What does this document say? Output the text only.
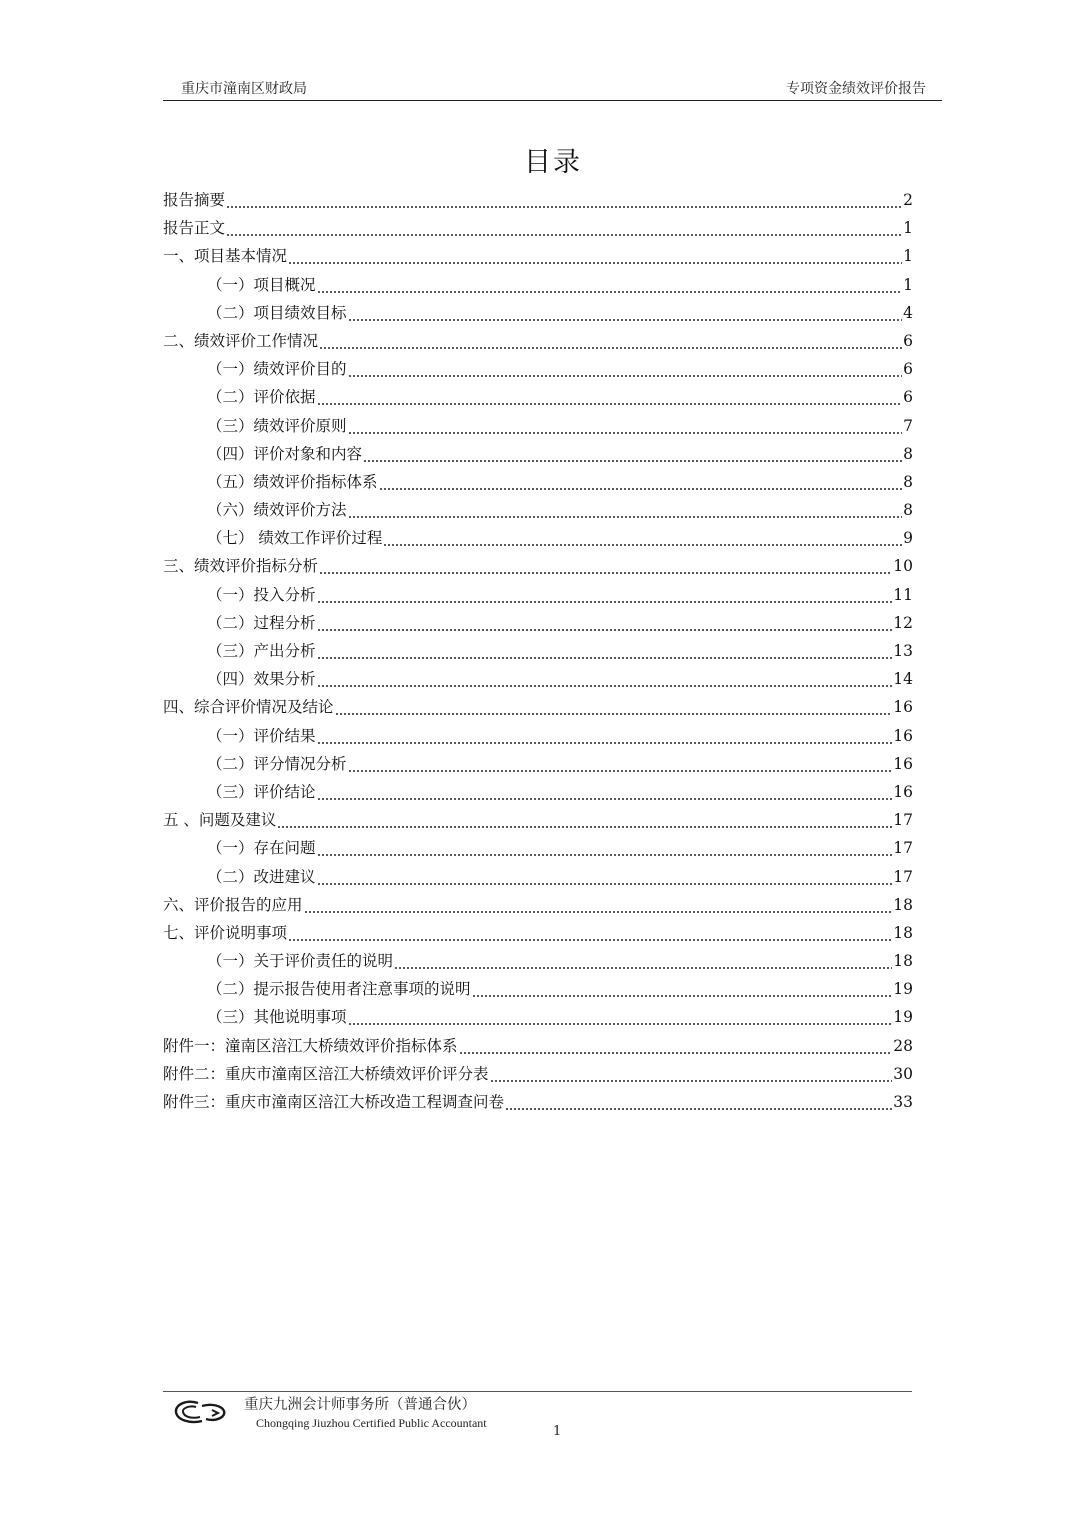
重庆市潼南区财政局	专项资金绩效评价报告
目录
报告摘要	2
报告正文	1
一、项目基本情况	1
（一）项目概况	1
（二）项目绩效目标	4
二、绩效评价工作情况	6
（一）绩效评价目的	6
（二）评价依据	6
（三）绩效评价原则	7
（四）评价对象和内容	8
（五）绩效评价指标体系	8
（六）绩效评价方法	8
（七） 绩效工作评价过程	9
三、绩效评价指标分析	10
（一）投入分析	11
（二）过程分析	12
（三）产出分析	13
（四）效果分析	14
四、综合评价情况及结论	16
（一）评价结果	16
（二）评分情况分析	16
（三）评价结论	16
五 、问题及建议	17
（一）存在问题	17
（二）改进建议	17
六、评价报告的应用	18
七、评价说明事项	18
（一）关于评价责任的说明	18
（二）提示报告使用者注意事项的说明	19
（三）其他说明事项	19
附件一：潼南区涪江大桥绩效评价指标体系	28
附件二：重庆市潼南区涪江大桥绩效评价评分表	30
附件三：重庆市潼南区涪江大桥改造工程调查问卷	33
重庆九洲会计师事务所（普通合伙）
Chongqing Jiuzhou Certified Public Accountant
1
